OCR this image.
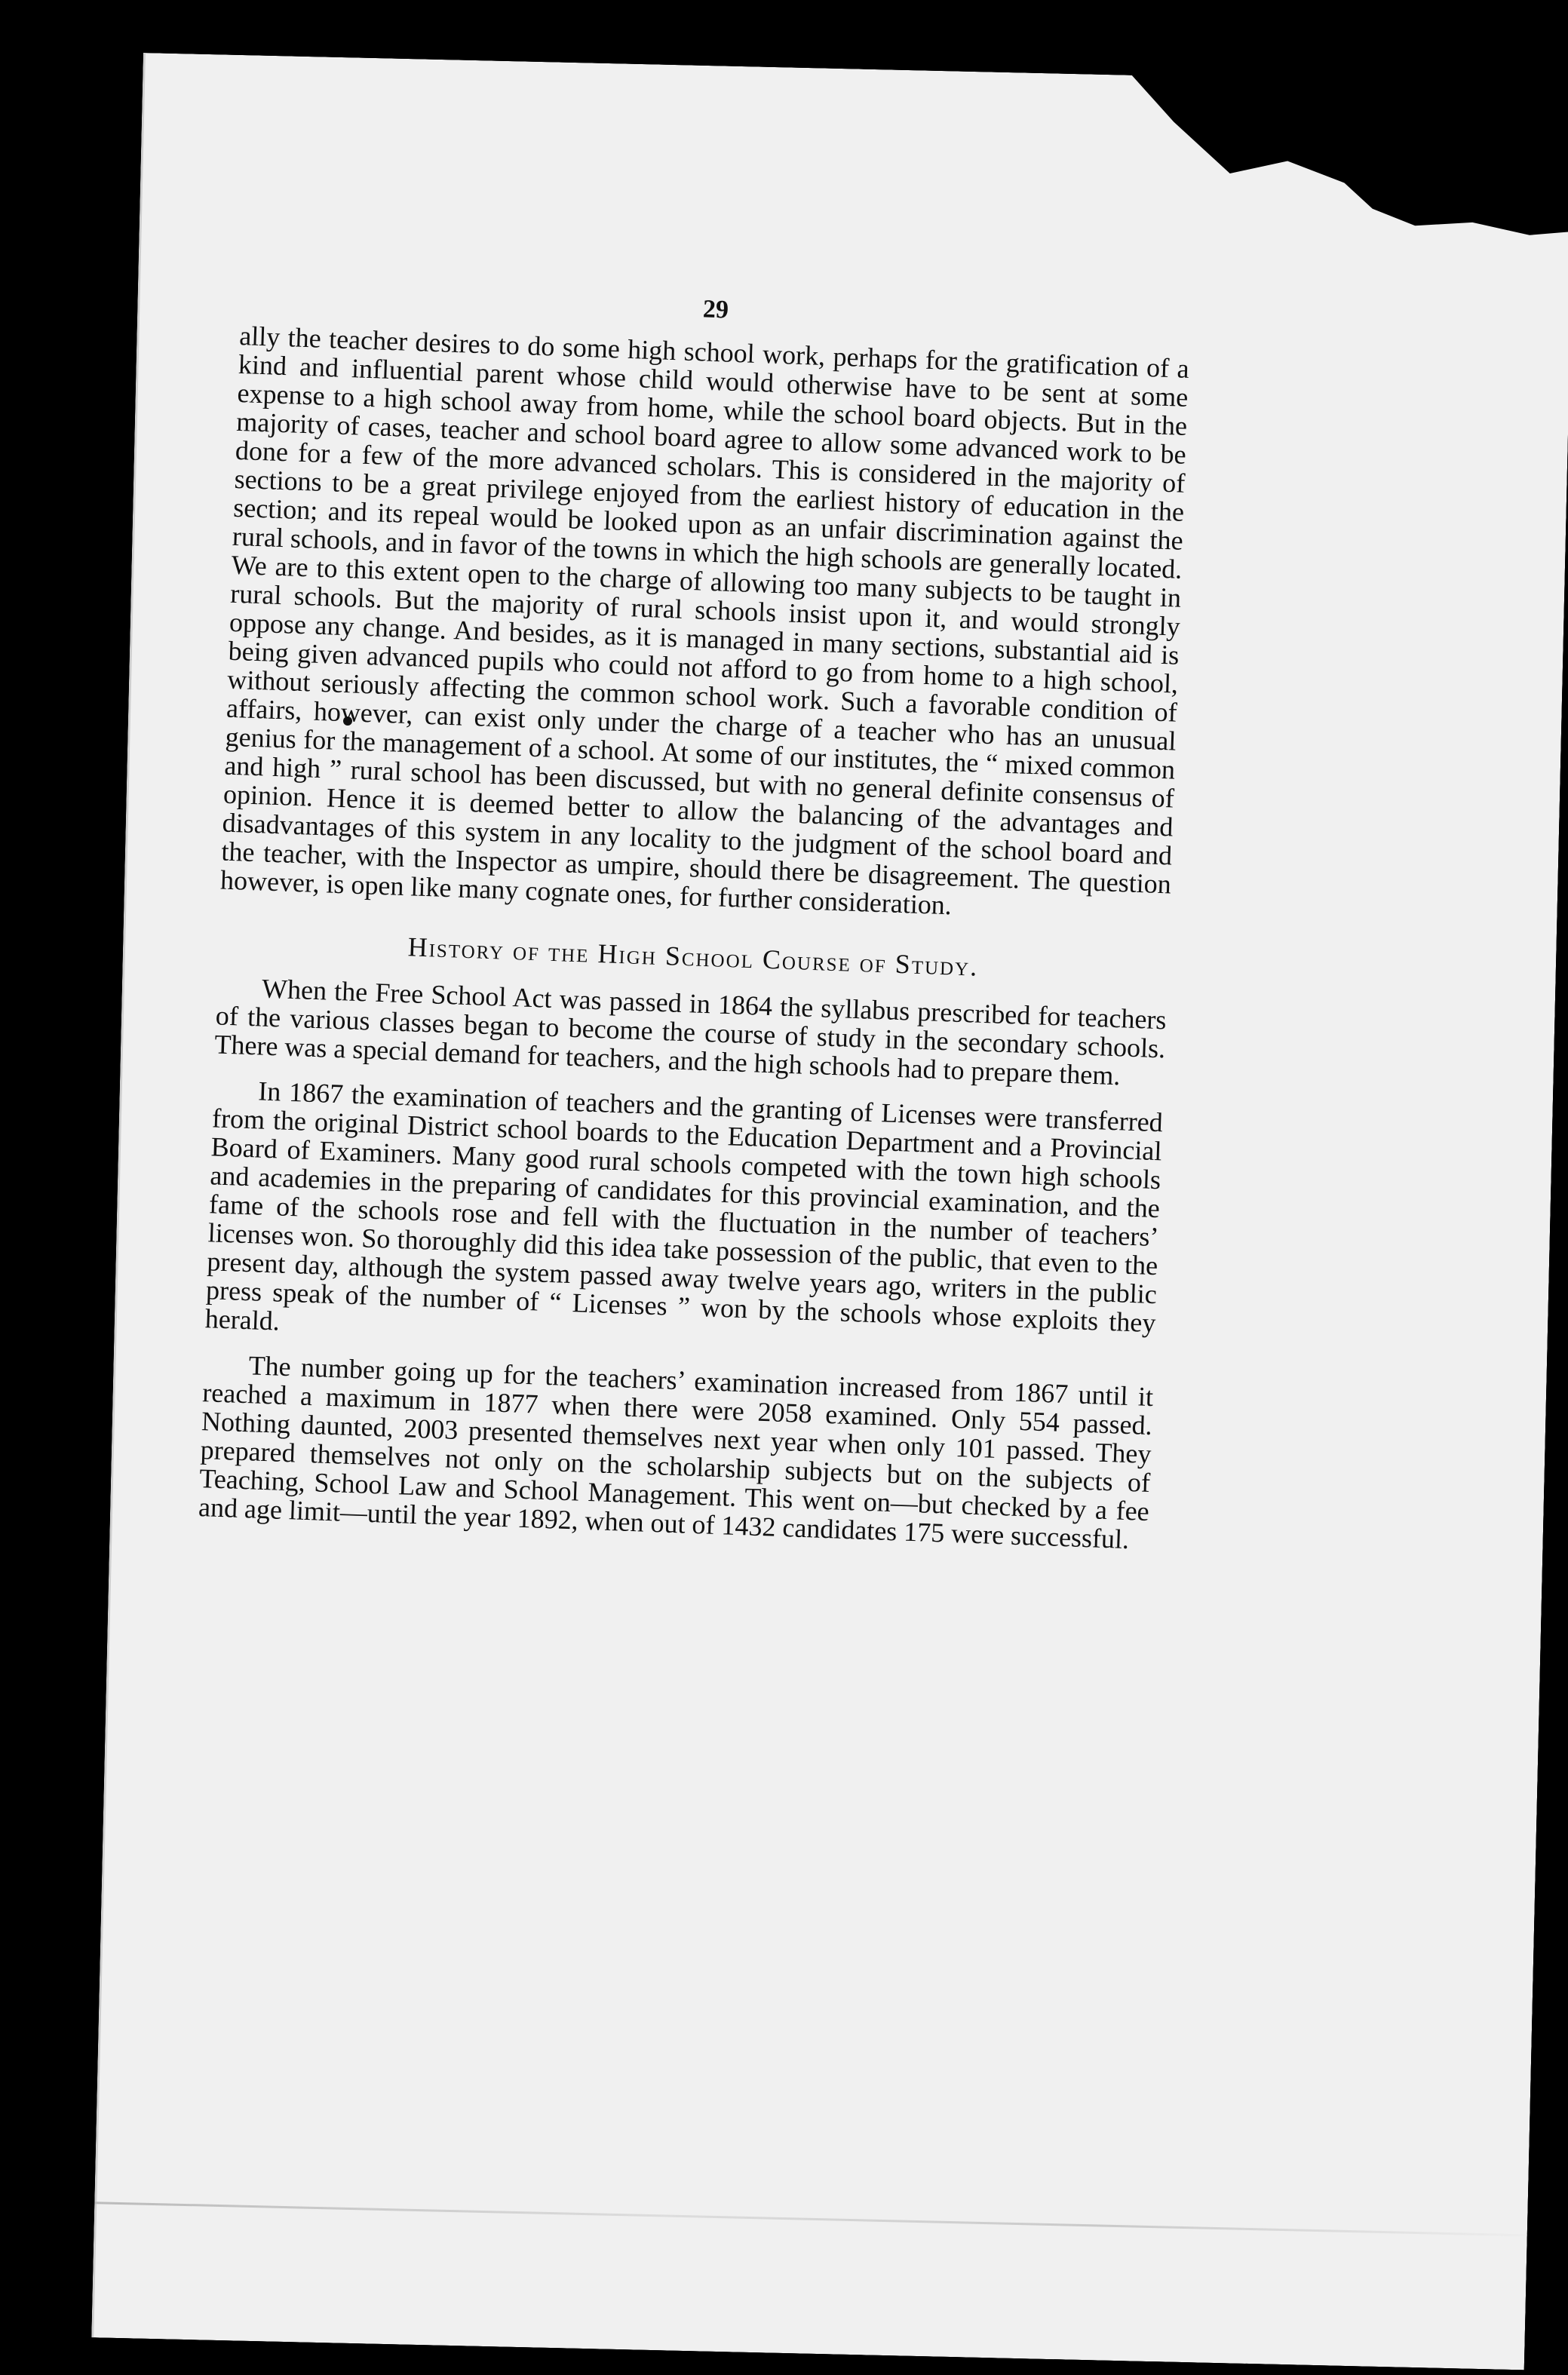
29

ally the teacher desires to do some high school work, perhaps for the gratification of a kind and influential parent whose child would otherwise have to be sent at some expense to a high school away from home, while the school board objects. But in the majority of cases, teacher and school board agree to allow some advanced work to be done for a few of the more advanced scholars. This is considered in the majority of sections to be a great privilege enjoyed from the earliest history of education in the section; and its repeal would be looked upon as an unfair discrimination against the rural schools, and in favor of the towns in which the high schools are generally located. We are to this extent open to the charge of allowing too many subjects to be taught in rural schools. But the majority of rural schools insist upon it, and would strongly oppose any change. And besides, as it is managed in many sections, substantial aid is being given advanced pupils who could not afford to go from home to a high school, without seriously affecting the common school work. Such a favorable condition of affairs, however, can exist only under the charge of a teacher who has an unusual genius for the management of a school. At some of our institutes, the “ mixed common and high ” rural school has been discussed, but with no general definite consensus of opinion. Hence it is deemed better to allow the balancing of the advantages and disadvantages of this system in any locality to the judgment of the school board and the teacher, with the Inspector as umpire, should there be disagreement. The question however, is open like many cognate ones, for further consideration.

History of the High School Course of Study.

When the Free School Act was passed in 1864 the syllabus prescribed for teachers of the various classes began to become the course of study in the secondary schools. There was a special demand for teachers, and the high schools had to prepare them.

In 1867 the examination of teachers and the granting of Licenses were transferred from the original District school boards to the Education Department and a Provincial Board of Examiners. Many good rural schools competed with the town high schools and academies in the preparing of candidates for this provincial examination, and the fame of the schools rose and fell with the fluctuation in the number of teachers’ licenses won. So thoroughly did this idea take possession of the public, that even to the present day, although the system passed away twelve years ago, writers in the public press speak of the number of “ Licenses ” won by the schools whose exploits they herald.

The number going up for the teachers’ examination increased from 1867 until it reached a maximum in 1877 when there were 2058 examined. Only 554 passed. Nothing daunted, 2003 presented themselves next year when only 101 passed. They prepared themselves not only on the scholarship subjects but on the subjects of Teaching, School Law and School Management. This went on—but checked by a fee and age limit—until the year 1892, when out of 1432 candidates 175 were successful.
